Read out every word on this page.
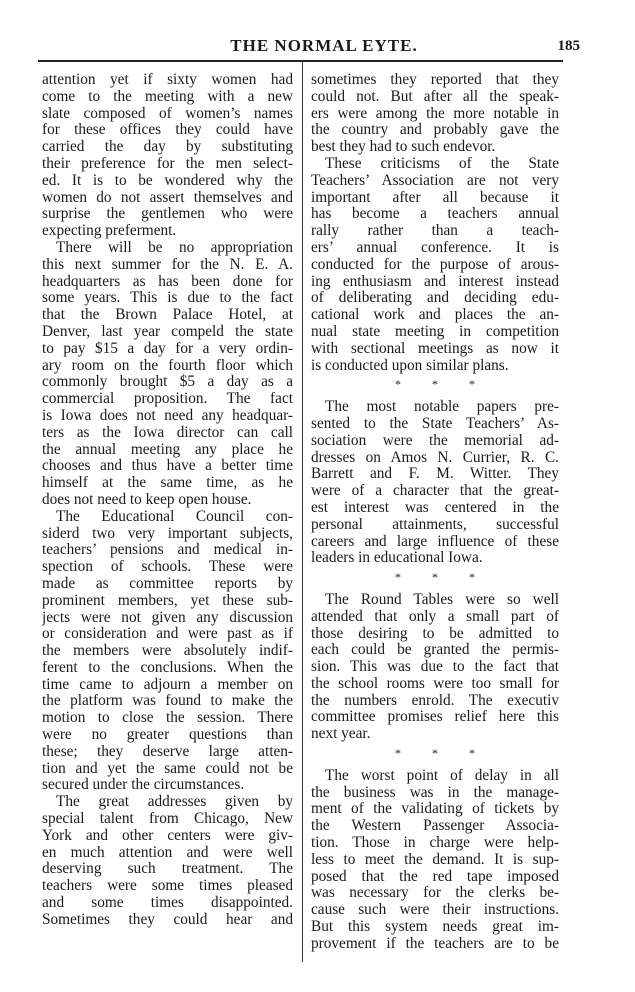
THE NORMAL EYTE.	185
attention yet if sixty women had
come to the meeting with a new
slate composed of women’s names
for these offices they could have
carried the day by substituting
their preference for the men select-
ed. It is to be wondered why the
women do not assert themselves and
surprise the gentlemen who were
expecting preferment.
There will be no appropriation
this next summer for the N. E. A.
headquarters as has been done for
some years. This is due to the fact
that the Brown Palace Hotel, at
Denver, last year compeld the state
to pay $15 a day for a very ordin-
ary room on the fourth floor which
commonly brought $5 a day as a
commercial proposition. The fact
is Iowa does not need any headquar-
ters as the Iowa director can call
the annual meeting any place he
chooses and thus have a better time
himself at the same time, as he
does not need to keep open house.
The Educational Council con-
siderd two very important subjects,
teachers’ pensions and medical in-
spection of schools. These were
made as committee reports by
prominent members, yet these sub-
jects were not given any discussion
or consideration and were past as if
the members were absolutely indif-
ferent to the conclusions. When the
time came to adjourn a member on
the platform was found to make the
motion to close the session. There
were no greater questions than
these; they deserve large atten-
tion and yet the same could not be
secured under the circumstances.
The great addresses given by
special talent from Chicago, New
York and other centers were giv-
en much attention and were well
deserving such treatment. The
teachers were some times pleased
and some times disappointed.
Sometimes they could hear and
sometimes they reported that they
could not. But after all the speak-
ers were among the more notable in
the country and probably gave the
best they had to such endevor.
These criticisms of the State
Teachers’ Association are not very
important after all because it
has become a teachers annual
rally rather than a teach-
ers’ annual conference. It is
conducted for the purpose of arous-
ing enthusiasm and interest instead
of deliberating and deciding edu-
cational work and places the an-
nual state meeting in competition
with sectional meetings as now it
is conducted upon similar plans.
* * *
The most notable papers pre-
sented to the State Teachers’ As-
sociation were the memorial ad-
dresses on Amos N. Currier, R. C.
Barrett and F. M. Witter. They
were of a character that the great-
est interest was centered in the
personal attainments, successful
careers and large influence of these
leaders in educational Iowa.
* * *
The Round Tables were so well
attended that only a small part of
those desiring to be admitted to
each could be granted the permis-
sion. This was due to the fact that
the school rooms were too small for
the numbers enrold. The executiv
committee promises relief here this
next year.
* * *
The worst point of delay in all
the business was in the manage-
ment of the validating of tickets by
the Western Passenger Associa-
tion. Those in charge were help-
less to meet the demand. It is sup-
posed that the red tape imposed
was necessary for the clerks be-
cause such were their instructions.
But this system needs great im-
provement if the teachers are to be
